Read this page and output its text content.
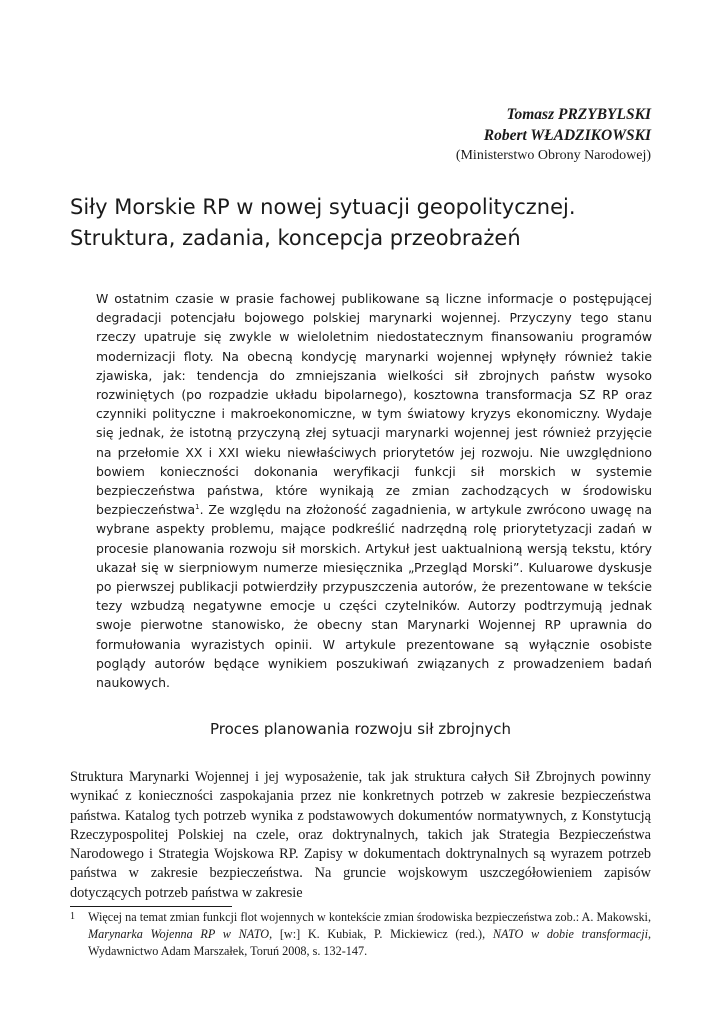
Tomasz PRZYBYLSKI
Robert WŁADZIKOWSKI
(Ministerstwo Obrony Narodowej)
Siły Morskie RP w nowej sytuacji geopolitycznej.
Struktura, zadania, koncepcja przeobrażeń

W ostatnim czasie w prasie fachowej publikowane są liczne informacje o postępującej degradacji potencjału bojowego polskiej marynarki wojennej. Przyczyny tego stanu rzeczy upatruje się zwykle w wieloletnim niedostatecznym finansowaniu programów modernizacji floty. Na obecną kondycję marynarki wojennej wpłynęły również takie zjawiska, jak: tendencja do zmniejszania wielkości sił zbrojnych państw wysoko rozwiniętych (po rozpadzie układu bipolarnego), kosztowna transformacja SZ RP oraz czynniki polityczne i makroekonomiczne, w tym światowy kryzys ekonomiczny. Wydaje się jednak, że istotną przyczyną złej sytuacji marynarki wojennej jest również przyjęcie na przełomie XX i XXI wieku niewłaściwych priorytetów jej rozwoju. Nie uwzględniono bowiem konieczności dokonania weryfikacji funkcji sił morskich w systemie bezpieczeństwa państwa, które wynikają ze zmian zachodzących w środowisku bezpieczeństwa$^1$. Ze względu na złożoność zagadnienia, w artykule zwrócono uwagę na wybrane aspekty problemu, mające podkreślić nadrzędną rolę priorytetyzacji zadań w procesie planowania rozwoju sił morskich. Artykuł jest uaktualnioną wersją tekstu, który ukazał się w sierpniowym numerze miesięcznika „Przegląd Morski”. Kuluarowe dyskusje po pierwszej publikacji potwierdziły przypuszczenia autorów, że prezentowane w tekście tezy wzbudzą negatywne emocje u części czytelników. Autorzy podtrzymują jednak swoje pierwotne stanowisko, że obecny stan Marynarki Wojennej RP uprawnia do formułowania wyrazistych opinii. W artykule prezentowane są wyłącznie osobiste poglądy autorów będące wynikiem poszukiwań związanych z prowadzeniem badań naukowych.

Proces planowania rozwoju sił zbrojnych

Struktura Marynarki Wojennej i jej wyposażenie, tak jak struktura całych Sił Zbrojnych powinny wynikać z konieczności zaspokajania przez nie konkretnych potrzeb w zakresie bezpieczeństwa państwa. Katalog tych potrzeb wynika z podstawowych dokumentów normatywnych, z Konstytucją Rzeczypospolitej Polskiej na czele, oraz doktrynalnych, takich jak Strategia Bezpieczeństwa Narodowego i Strategia Wojskowa RP. Zapisy w dokumentach doktrynalnych są wyrazem potrzeb państwa w zakresie bezpieczeństwa. Na gruncie wojskowym uszczegółowieniem zapisów dotyczących potrzeb państwa w zakresie

1 Więcej na temat zmian funkcji flot wojennych w kontekście zmian środowiska bezpieczeństwa zob.: A. Makowski, Marynarka Wojenna RP w NATO, [w:] K. Kubiak, P. Mickiewicz (red.), NATO w dobie transformacji, Wydawnictwo Adam Marszałek, Toruń 2008, s. 132-147.
